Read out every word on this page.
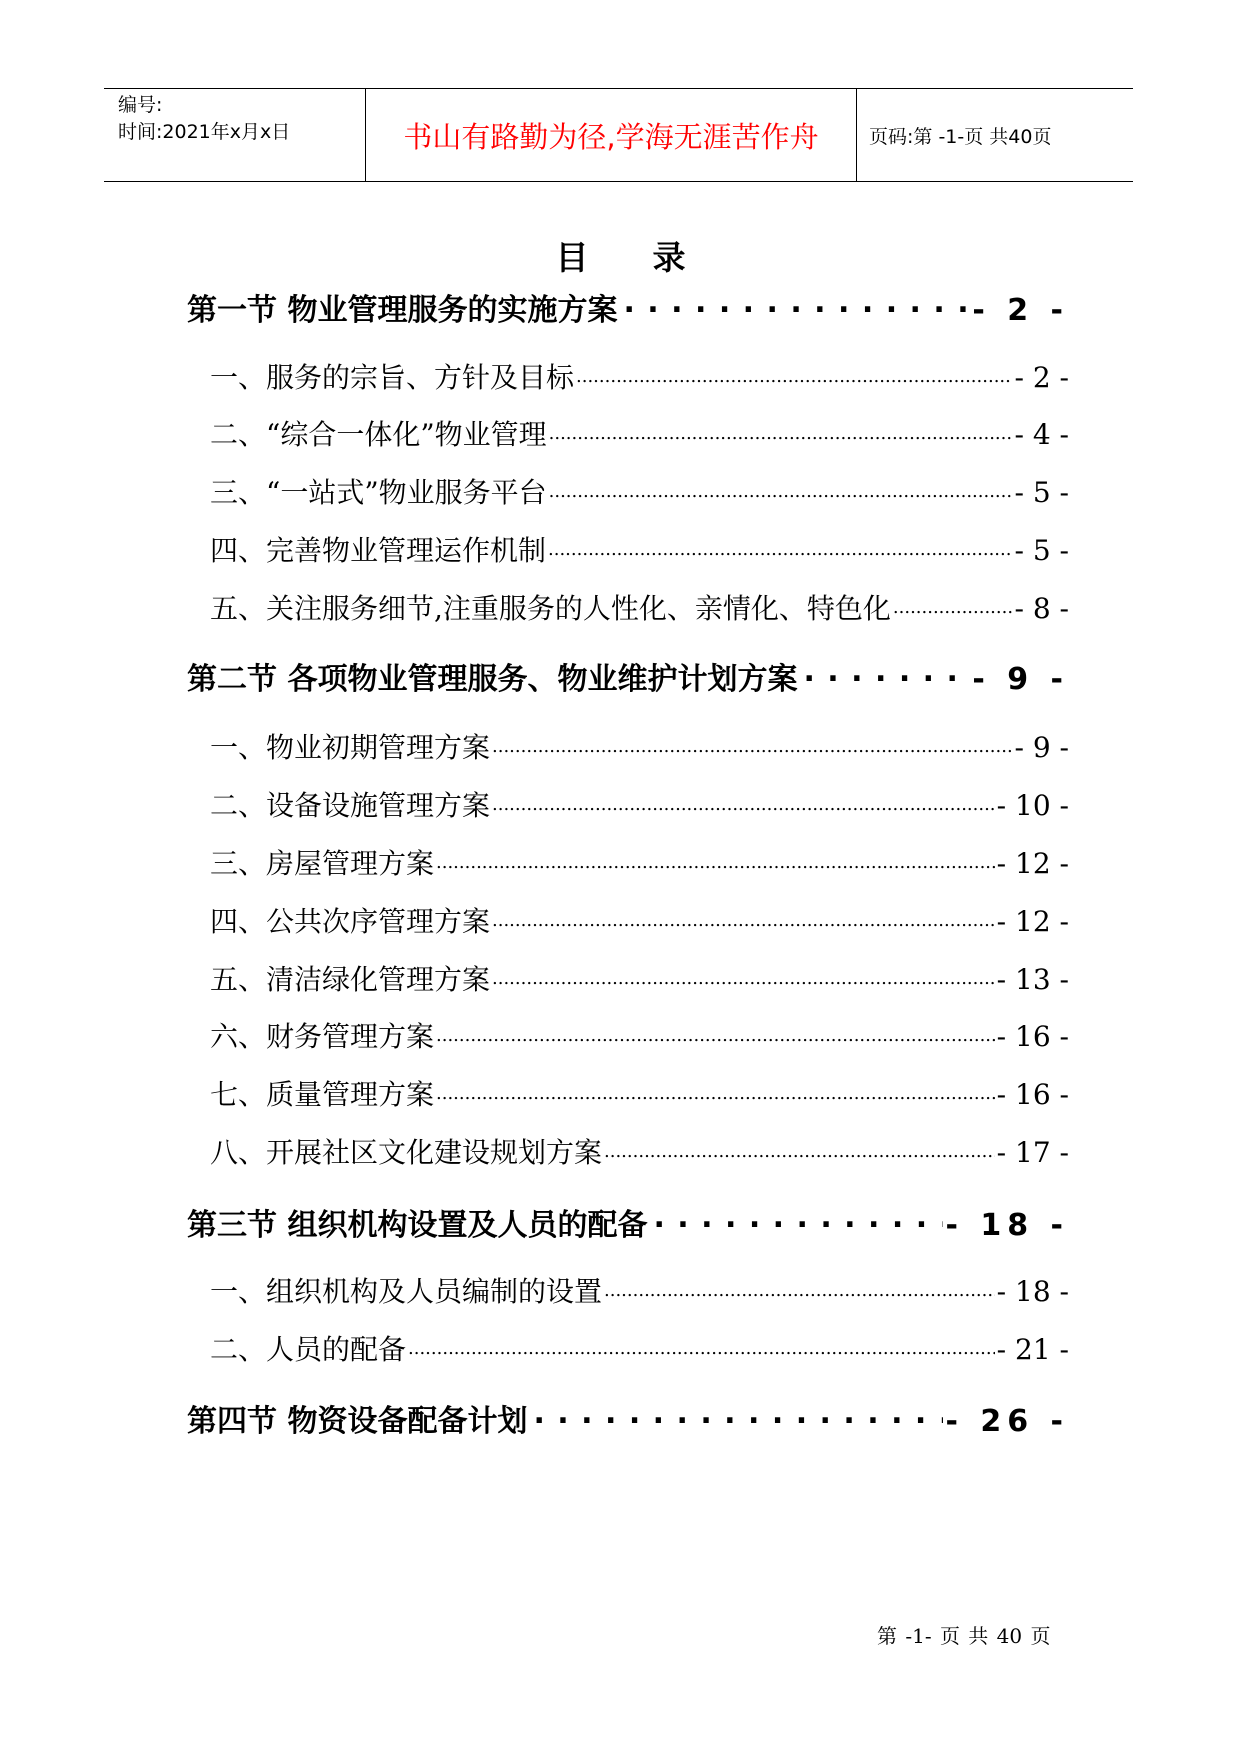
编号:
时间:2021年x月x日	书山有路勤为径,学海无涯苦作舟	页码:第 -1-页 共40页
目录
第一节 物业管理服务的实施方案 . . .	- 2 -
一、服务的宗旨、方针及目标 .....	- 2 -
二、“综合一体化”物业管理 .....	- 4 -
三、“一站式”物业服务平台 .....	- 5 -
四、完善物业管理运作机制 .....	- 5 -
五、关注服务细节,注重服务的人性化、亲情化、特色化 .....	- 8 -
第二节 各项物业管理服务、物业维护计划方案 . . .	- 9 -
一、物业初期管理方案 .....	- 9 -
二、设备设施管理方案 .....	- 10 -
三、房屋管理方案 .....	- 12 -
四、公共次序管理方案 .....	- 12 -
五、清洁绿化管理方案 .....	- 13 -
六、财务管理方案 .....	- 16 -
七、质量管理方案 .....	- 16 -
八、开展社区文化建设规划方案 .....	- 17 -
第三节 组织机构设置及人员的配备 . . .	- 18 -
一、组织机构及人员编制的设置 .....	- 18 -
二、人员的配备 .....	- 21 -
第四节 物资设备配备计划 . . .	- 26 -
第 -1- 页 共 40 页
